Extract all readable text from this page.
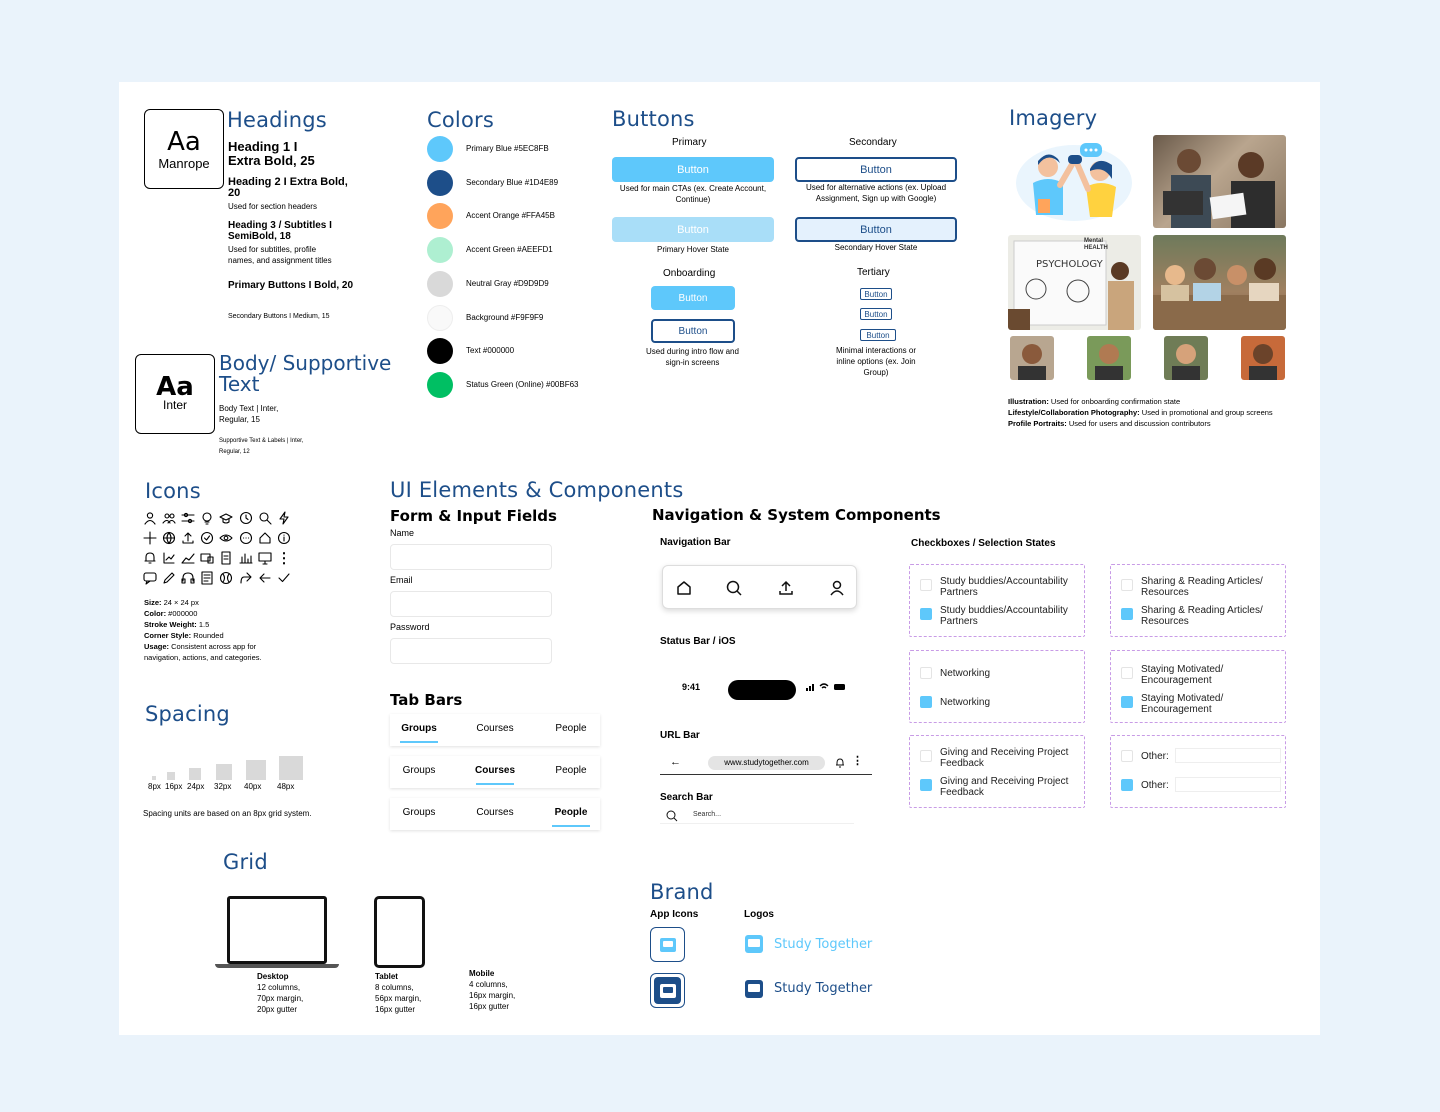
Aa
Manrope
Headings
Heading 1 I
Extra Bold, 25
Heading 2 I Extra Bold,
20
Used for section headers
Heading 3 / Subtitles I
SemiBold, 18
Used for subtitles, profile
names, and assignment titles
Primary Buttons I Bold, 20
Secondary Buttons I Medium, 15
Aa
Inter
Body/ Supportive
Text
Body Text | Inter,
Regular, 15
Supportive Text & Labels | Inter,
Regular, 12
Colors	Buttons
Primary	Secondary
Button
Used for main CTAs (ex. Create Account,
Continue)
Button
Used for alternative actions (ex. Upload
Assignment, Sign up with Google)
Button
Primary Hover State
Button
Secondary Hover State
Onboarding	Tertiary
Button
Button
Used during intro flow and
sign-in screens
Button
Button
Button
Minimal interactions or
inline options (ex. Join
Group)
Imagery
PSYCHOLOGY
Mental
HEALTH
Illustration: Used for onboarding confirmation state
Lifestyle/Collaboration Photography: Used in promotional and group screens
Profile Portraits: Used for users and discussion contributors
Icons
Size: 24 × 24 px
Color: #000000
Stroke Weight: 1.5
Corner Style: Rounded
Usage: Consistent across app for
navigation, actions, and categories.
Spacing
Spacing units are based on an 8px grid system.
Grid
Desktop
12 columns,
70px margin,
20px gutter
Tablet
8 columns,
56px margin,
16px gutter
Mobile
4 columns,
16px margin,
16px gutter
UI Elements & Components
Form & Input Fields
Name
Email
Password
Tab Bars
Navigation & System Components
Navigation Bar
Status Bar / iOS
9:41
URL Bar
←	www.studytogether.com	⋮
Search Bar
Search...
Checkboxes / Selection States
Brand
App Icons	Logos
Study Together
Study Together
Primary Blue #5EC8FB
Secondary Blue #1D4E89
Accent Orange #FFA45B
Accent Green #AEEFD1
Neutral Gray #D9D9D9
Background #F9F9F9
Text #000000
Status Green (Online) #00BF63
8px 16px 24px 32px 40px 48px
Groups	Courses	People
Groups	Courses	People
Groups	Courses	People
Study buddies/Accountability
Partners
Study buddies/Accountability
Partners
Sharing & Reading Articles/
Resources
Sharing & Reading Articles/
Resources
Networking
Networking
Staying Motivated/
Encouragement
Staying Motivated/
Encouragement
Giving and Receiving Project
Feedback
Giving and Receiving Project
Feedback
Other:
Other:
